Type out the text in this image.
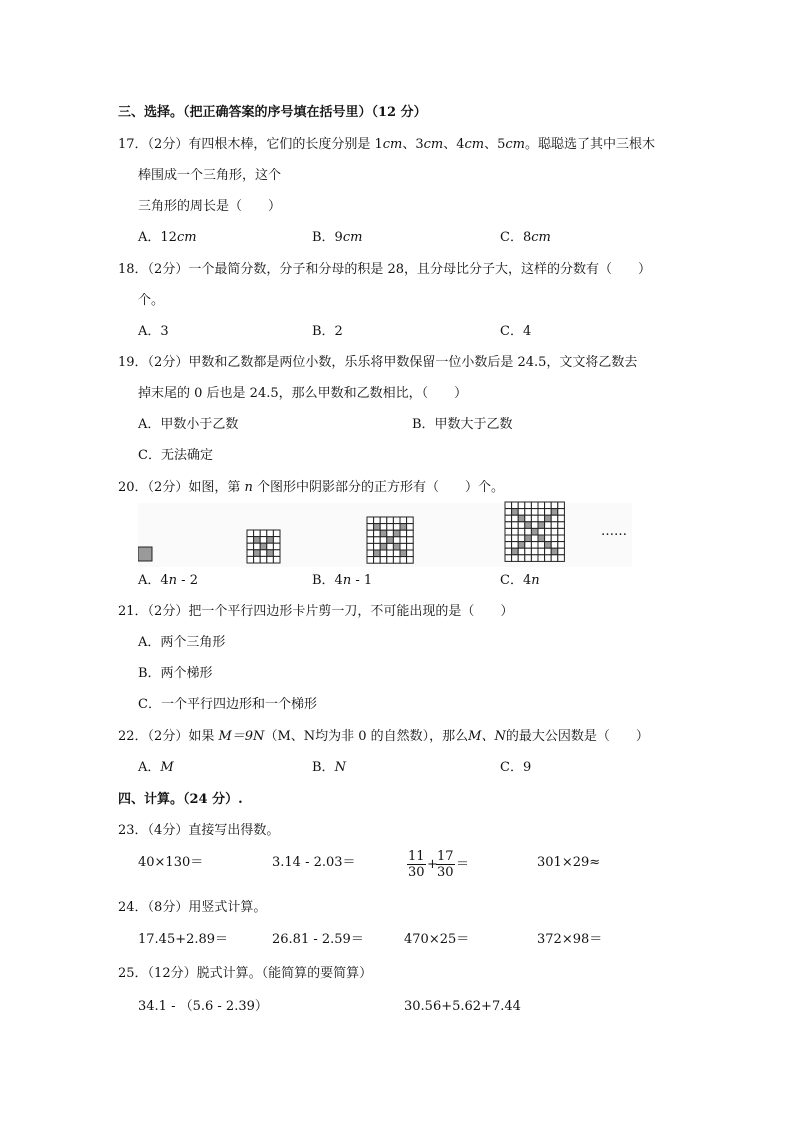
三、选择。（把正确答案的序号填在括号里）（12 分）
17．（2分）有四根木棒，它们的长度分别是 1cm、3cm、4cm、5cm。聪聪选了其中三根木
棒围成一个三角形，这个
三角形的周长是（　　）
A．12cm	B．9cm	C．8cm
18．（2分）一个最简分数，分子和分母的积是 28，且分母比分子大，这样的分数有（　　）
个。
A．3	B．2	C．4
19．（2分）甲数和乙数都是两位小数，乐乐将甲数保留一位小数后是 24.5，文文将乙数去
掉末尾的 0 后也是 24.5，那么甲数和乙数相比，（　　）
A．甲数小于乙数	B．甲数大于乙数
C．无法确定
20．（2分）如图，第 n 个图形中阴影部分的正方形有（　　）个。
……
A．4n - 2	B．4n - 1	C．4n
21．（2分）把一个平行四边形卡片剪一刀，不可能出现的是（　　）
A．两个三角形
B．两个梯形
C．一个平行四边形和一个梯形
22．（2分）如果 M＝9N（M、N均为非 0 的自然数），那么M、N的最大公因数是（　　）
A．M	B．N	C．9
四、计算。（24 分）.
23．（4分）直接写出得数。
40×130＝	3.14 - 2.03＝	$\frac{11}{30}$ +
$\frac{17}{30}$ ＝	301×29≈
24．（8分）用竖式计算。
17.45+2.89＝	26.81 - 2.59＝	470×25＝	372×98＝
25．（12分）脱式计算。（能简算的要简算）
34.1 - （5.6 - 2.39）	30.56+5.62+7.44
